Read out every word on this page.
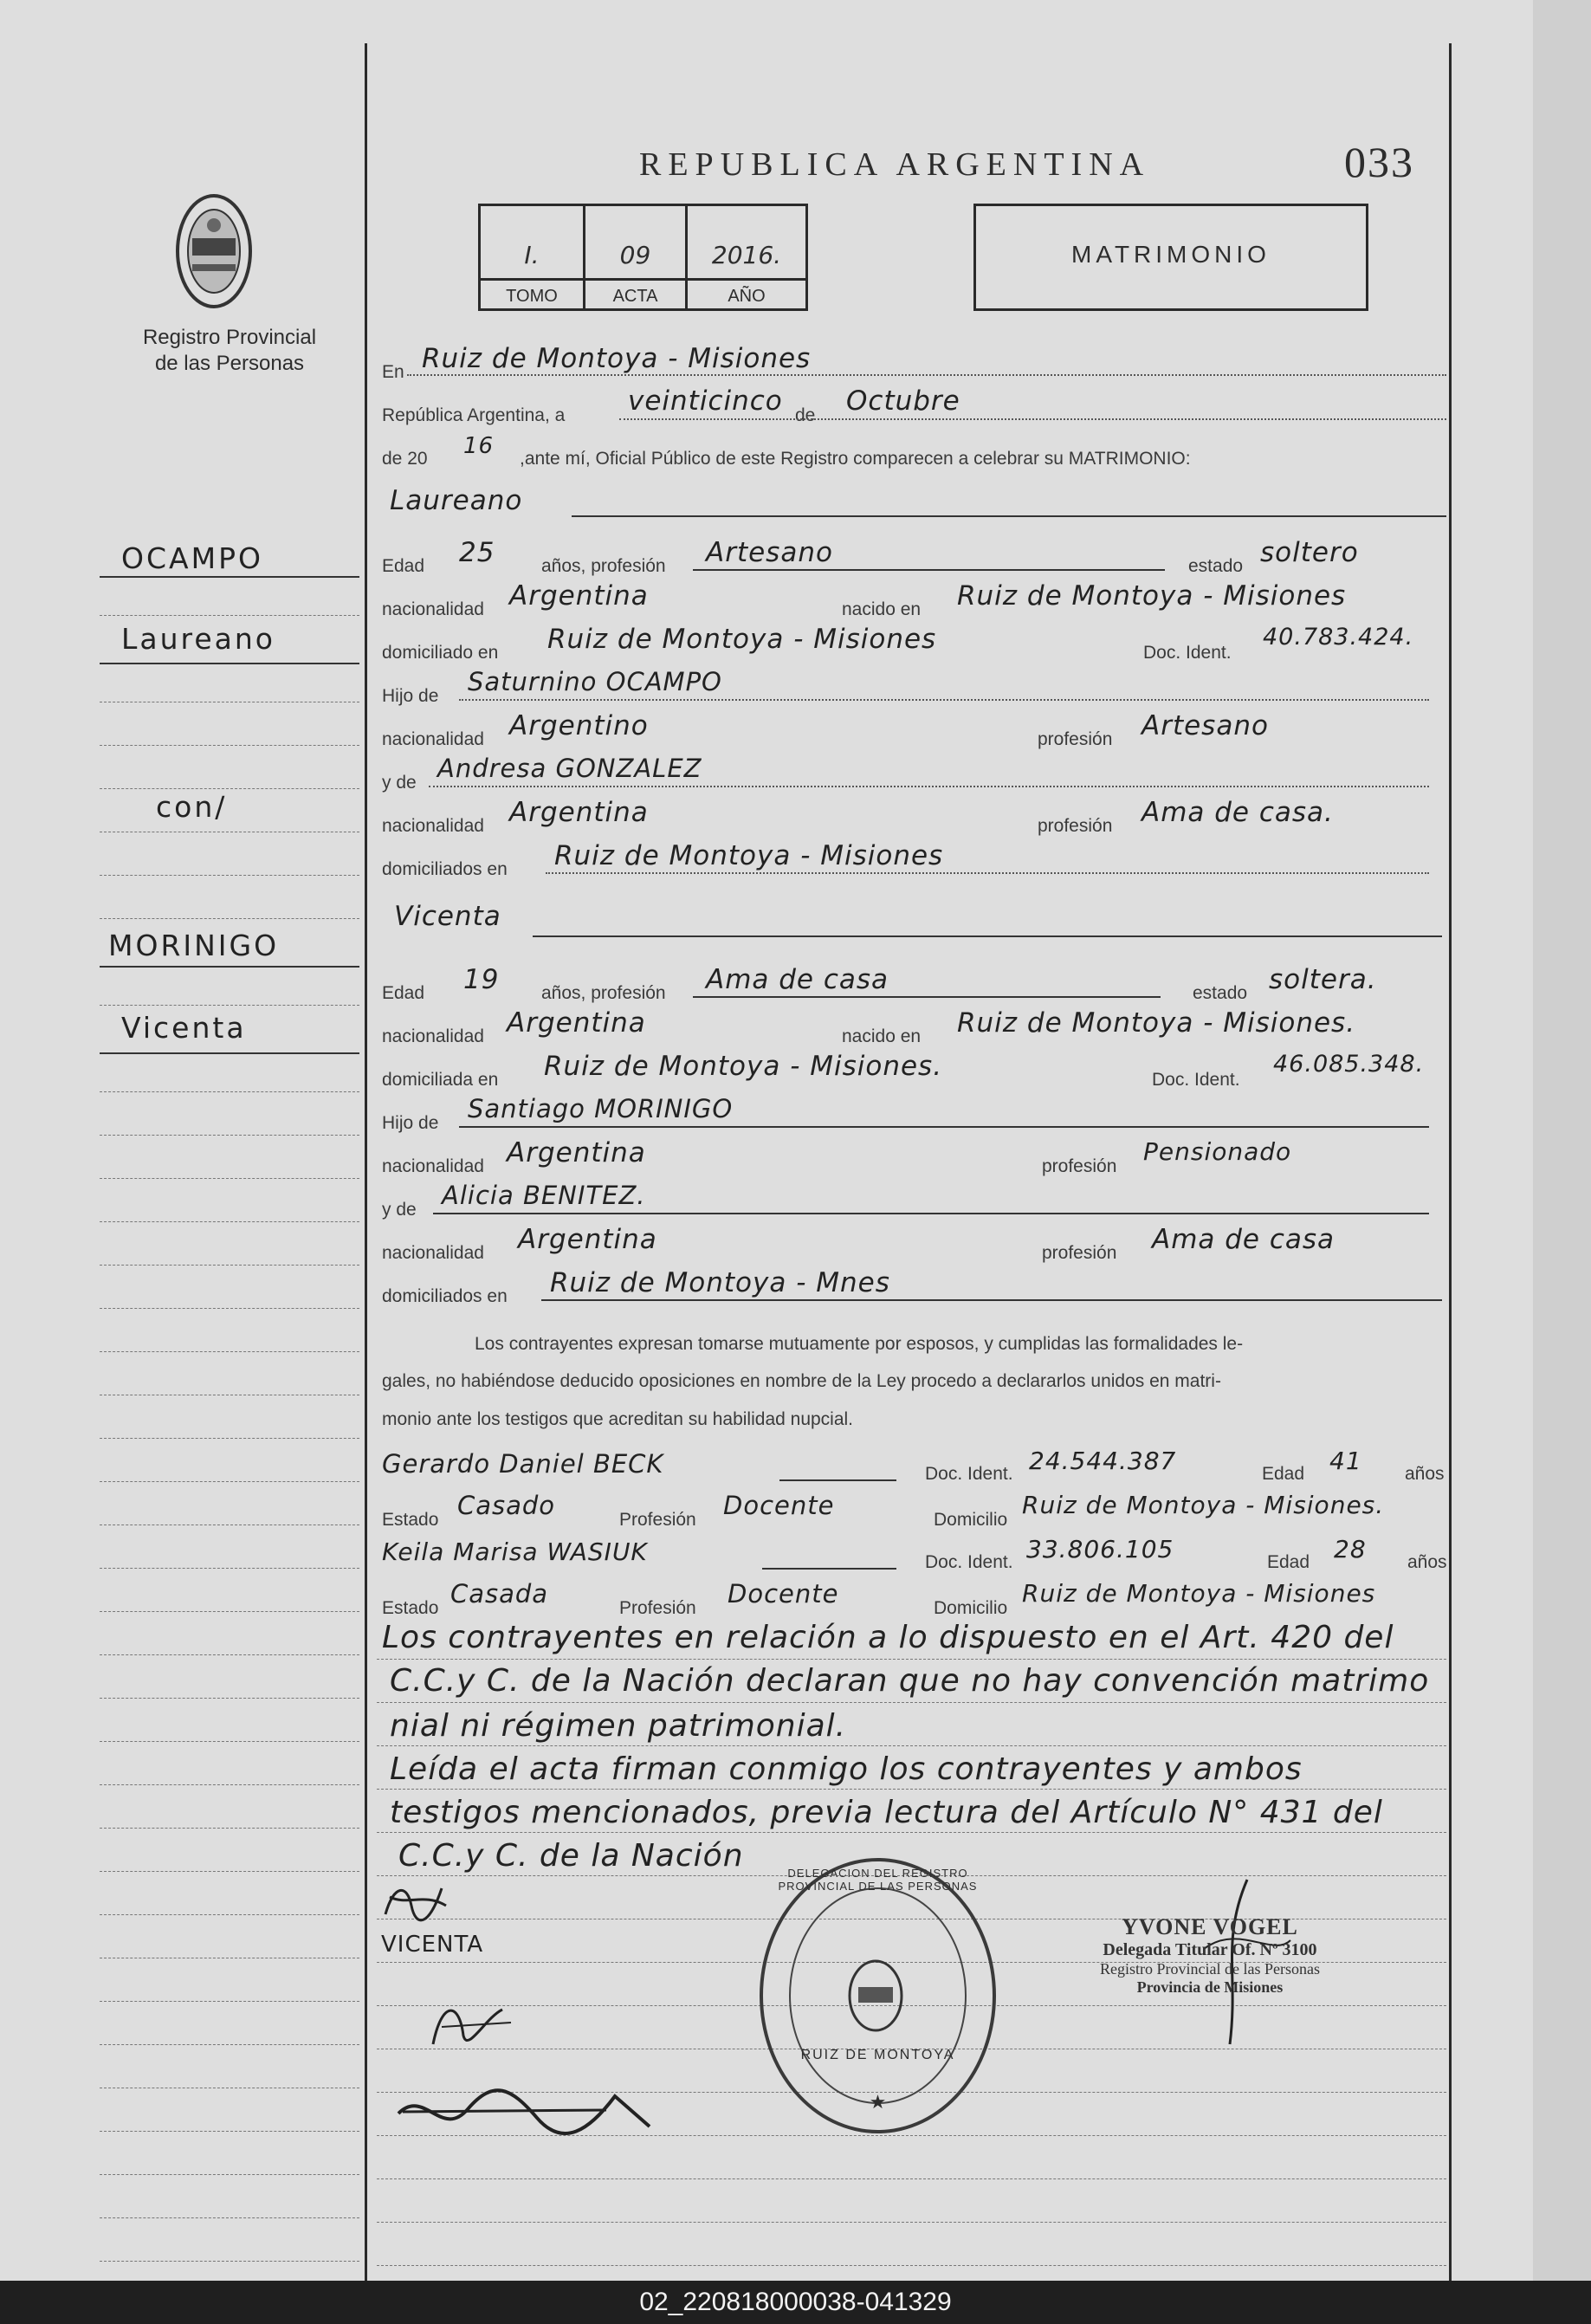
Registro Provincial
de las Personas
REPUBLICA ARGENTINA	033
I.
TOMO
09
ACTA
2016.
AÑO
MATRIMONIO
OCAMPO
Laureano
con/
MORINIGO
Vicenta
En Ruiz de Montoya - Misiones
República Argentina, a veinticinco de Octubre
de 20 16 ,ante mí, Oficial Público de este Registro comparecen a celebrar su MATRIMONIO:
Laureano
Edad 25	años, profesión Artesano	estado soltero
nacionalidad Argentina	nacido en Ruiz de Montoya - Misiones
domiciliado en Ruiz de Montoya - Misiones	Doc. Ident.
40.783.424.
Hijo de Saturnino OCAMPO
nacionalidad Argentino	profesión Artesano
y de Andresa GONZALEZ
nacionalidad Argentina	profesión Ama de casa.
domiciliados en Ruiz de Montoya - Misiones
Vicenta
Edad 19 años, profesión Ama de casa	estado soltera.
nacionalidad Argentina	nacido en Ruiz de Montoya - Misiones.
domiciliada en Ruiz de Montoya - Misiones.	Doc. Ident.
46.085.348.
Hijo de Santiago MORINIGO
nacionalidad Argentina	profesión
Pensionado
y de Alicia BENITEZ.
nacionalidad Argentina	profesión Ama de casa
domiciliados en Ruiz de Montoya - Mnes
Los contrayentes expresan tomarse mutuamente por esposos, y cumplidas las formalidades le-
gales, no habiéndose deducido oposiciones en nombre de la Ley procedo a declararlos unidos en matri-
monio ante los testigos que acreditan su habilidad nupcial.
Gerardo Daniel BECK	Doc. Ident. 24.544.387	Edad 41 años
Estado Casado	Profesión Docente	Domicilio
Ruiz de Montoya - Misiones.
Keila Marisa WASIUK	Doc. Ident. 33.806.105	Edad 28 años
Estado Casada	Profesión Docente	Domicilio
Ruiz de Montoya - Misiones
Los contrayentes en relación a lo dispuesto en el Art. 420 del
C.C.y C. de la Nación declaran que no hay convención matrimo
nial ni régimen patrimonial.
Leída el acta firman conmigo los contrayentes y ambos
testigos mencionados, previa lectura del Artículo N° 431 del
C.C.y C. de la Nación
VICENTA
DELEGACION DEL REGISTRO PROVINCIAL DE LAS PERSONAS
RUIZ DE MONTOYA
★
YVONE VOGEL
Delegada Titular Of. Nº 3100
Registro Provincial de las Personas
Provincia de Misiones
02_220818000038-041329
